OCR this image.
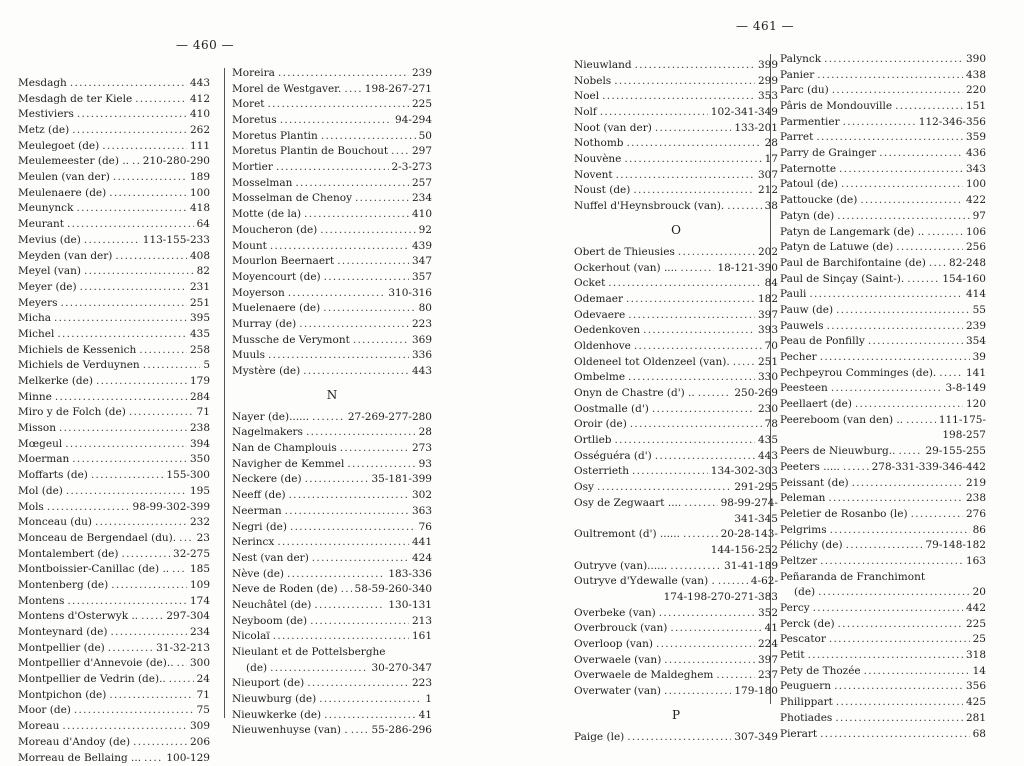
— 460 —
Mesdagh .....	443
Mesdagh de ter Kiele .....	412
Mestiviers .....	410
Metz (de) .....	262
Meulegoet (de) .....	111
Meulemeester (de) .. ..... 210-280-290
Meulen (van der) .....	189
Meulenaere (de) .....	100
Meunynck .....	418
Meurant .....	64
Mevius (de) .....	113-155-233
Meyden (van der) .....	408
Meyel (van) .....	82
Meyer (de) .....	231
Meyers .....	251
Micha .....	395
Michel .....	435
Michiels de Kessenich .....	258
Michiels de Verduynen .....	5
Melkerke (de) .....	179
Minne .....	284
Miro y de Folch (de) .....	71
Misson .....	238
Mœgeul .....	394
Moerman .....	350
Moffarts (de) .....	155-300
Mol (de) .....	195
Mols .....	98-99-302-399
Monceau (du) .....	232
Monceau de Bergendael (du). ..... 23
Montalembert (de) .....	32-275
Montboissier-Canillac (de) .. ..... 185
Montenberg (de) .....	109
Montens .....	174
Montens d'Osterwyk .. .....	297-304
Monteynard (de) .....	234
Montpellier (de) .....	31-32-213
Montpellier d'Annevoie (de).. ..... 300
Montpellier de Vedrin (de).. .....	24
Montpichon (de) .....	71
Moor (de) .....	75
Moreau .....	309
Moreau d'Andoy (de) .....	206
Morreau de Bellaing ... ..... 100-129
Moreira .....	239
Morel de Westgaver. ..... 198-267-271
Moret .....	225
Moretus .....	94-294
Moretus Plantin .....	50
Moretus Plantin de Bouchout ..... 297
Mortier .....	2-3-273
Mosselman .....	257
Mosselman de Chenoy .....	234
Motte (de la) .....	410
Moucheron (de) .....	92
Mount .....	439
Mourlon Beernaert .....	347
Moyencourt (de) .....	357
Moyerson .....	310-316
Muelenaere (de) .....	80
Murray (de) .....	223
Mussche de Verymont .....	369
Muuls .....	336
Mystère (de) .....	443
N
Nayer (de)...... .....	27-269-277-280
Nagelmakers .....	28
Nan de Champlouis .....	273
Navigher de Kemmel .....	93
Neckere (de) .....	35-181-399
Neeff (de) .....	302
Neerman .....	363
Negri (de) .....	76
Nerincx .....	441
Nest (van der) .....	424
Nève (de) .....	183-336
Neve de Roden (de) ..... 58-59-260-340
Neuchâtel (de) .....	130-131
Neyboom (de) .....	213
Nicolaï .....	161
Nieulant et de Pottelsberghe
(de) .....	30-270-347
Nieuport (de) .....	223
Nieuwburg (de) .....	1
Nieuwkerke (de) .....	41
Nieuwenhuyse (van) . ..... 55-286-296
— 461 —
Nieuwland .....	399
Nobels .....	299
Noel .....	353
Nolf .....	102-341-349
Noot (van der) .....	133-201
Nothomb .....	28
Nouvène .....	17
Novent .....	307
Noust (de) .....	212
Nuffel d'Heynsbrouck (van). .....	38
O
Obert de Thieusies .....	202
Ockerhout (van) .... .....	18-121-390
Ocket .....	84
Odemaer .....	182
Odevaere .....	397
Oedenkoven .....	393
Oldenhove .....	70
Oldeneel tot Oldenzeel (van). .....	251
Ombelme .....	330
Onyn de Chastre (d') .. .....	250-269
Oostmalle (d') .....	230
Oroir (de) .....	78
Ortlieb .....	435
Osséguéra (d') .....	443
Osterrieth .....	134-302-303
Osy .....	291-295
Osy de Zegwaart .... .....	98-99-274-
341-345
Oultremont (d') ...... .....	20-28-143-
144-156-252
Outryve (van)...... .....	31-41-189
Outryve d'Ydewalle (van) . .....	4-62-
174-198-270-271-383
Overbeke (van) .....	352
Overbrouck (van) .....	41
Overloop (van) .....	224
Overwaele (van) .....	397
Overwaele de Maldeghem .....	237
Overwater (van) .....	179-180
P
Paige (le) .....	307-349
Palynck .....	390
Panier .....	438
Parc (du) .....	220
Pâris de Mondouville .....	151
Parmentier .....	112-346-356
Parret .....	359
Parry de Grainger .....	436
Paternotte .....	343
Patoul (de) .....	100
Pattoucke (de) .....	422
Patyn (de) .....	97
Patyn de Langemark (de) .. .....	106
Patyn de Latuwe (de) .....	256
Paul de Barchifontaine (de) ..... 82-248
Paul de Sinçay (Saint-). .....	154-160
Pauli .....	414
Pauw (de) .....	55
Pauwels .....	239
Peau de Ponfilly .....	354
Pecher .....	39
Pechpeyrou Comminges (de). .....	141
Peesteen .....	3-8-149
Peellaert (de) .....	120
Peereboom (van den) .. .....	111-175-
198-257
Peers de Nieuwburg.. .....	29-155-255
Peeters ..... .....	278-331-339-346-442
Peissant (de) .....	219
Peleman .....	238
Peletier de Rosanbo (le) .....	276
Pelgrims .....	86
Pélichy (de) .....	79-148-182
Peltzer .....	163
Peñaranda de Franchimont
(de) .....	20
Percy .....	442
Perck (de) .....	225
Pescator .....	25
Petit .....	318
Pety de Thozée .....	14
Peuguern .....	356
Philippart .....	425
Photiades .....	281
Pierart .....	68
